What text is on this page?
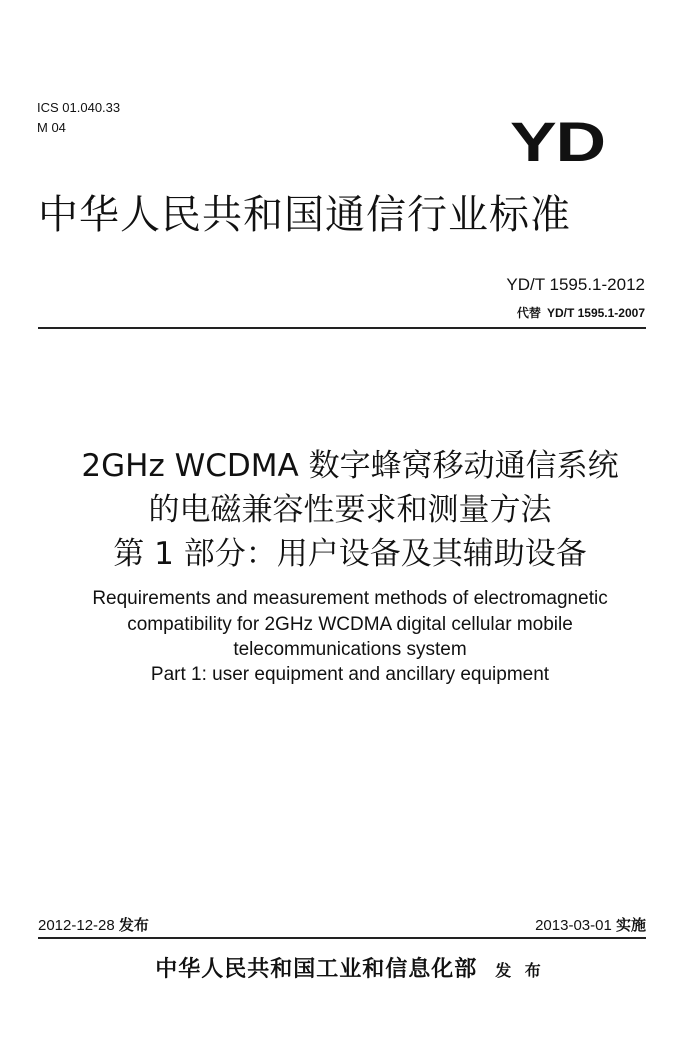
ICS 01.040.33
M 04	YD
中华人民共和国通信行业标准
YD/T 1595.1-2012
代替 YD/T 1595.1-2007
2GHz WCDMA 数字蜂窝移动通信系统
的电磁兼容性要求和测量方法
第 1 部分：用户设备及其辅助设备
Requirements and measurement methods of electromagnetic
compatibility for 2GHz WCDMA digital cellular mobile
telecommunications system
Part 1: user equipment and ancillary equipment
2012-12-28 发布	2013-03-01 实施
中华人民共和国工业和信息化部 发 布
